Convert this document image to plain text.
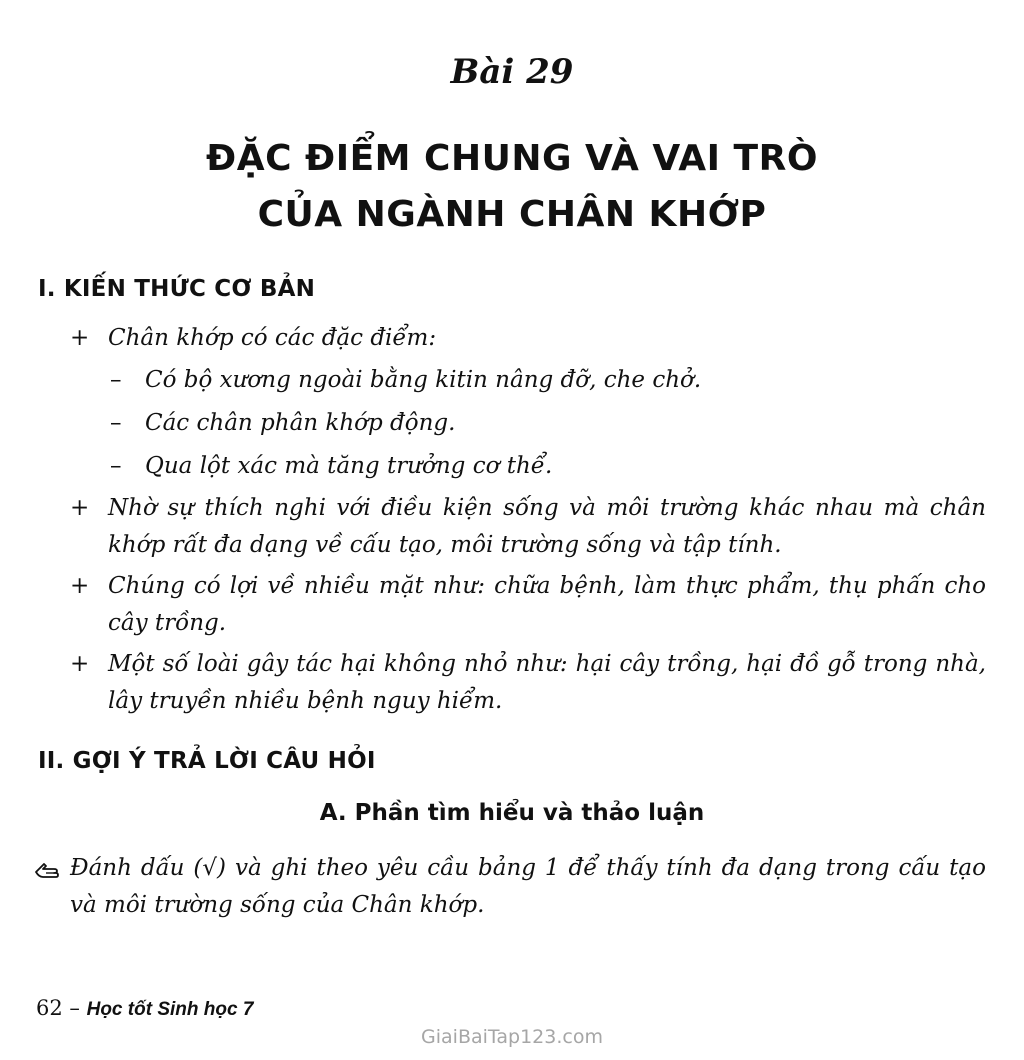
Bài 29
ĐẶC ĐIỂM CHUNG VÀ VAI TRÒ
CỦA NGÀNH CHÂN KHỚP
I. KIẾN THỨC CƠ BẢN
+ Chân khớp có các đặc điểm:
– Có bộ xương ngoài bằng kitin nâng đỡ, che chở.
– Các chân phân khớp động.
– Qua lột xác mà tăng trưởng cơ thể.
+ Nhờ sự thích nghi với điều kiện sống và môi trường khác nhau mà chân khớp rất đa dạng về cấu tạo, môi trường sống và tập tính.
+ Chúng có lợi về nhiều mặt như: chữa bệnh, làm thực phẩm, thụ phấn cho cây trồng.
+ Một số loài gây tác hại không nhỏ như: hại cây trồng, hại đồ gỗ trong nhà, lây truyền nhiều bệnh nguy hiểm.
II. GỢI Ý TRẢ LỜI CÂU HỎI
A. Phần tìm hiểu và thảo luận
Đánh dấu (√) và ghi theo yêu cầu bảng 1 để thấy tính đa dạng trong cấu tạo và môi trường sống của Chân khớp.
62 – Học tốt Sinh học 7
GiaiBaiTap123.com
